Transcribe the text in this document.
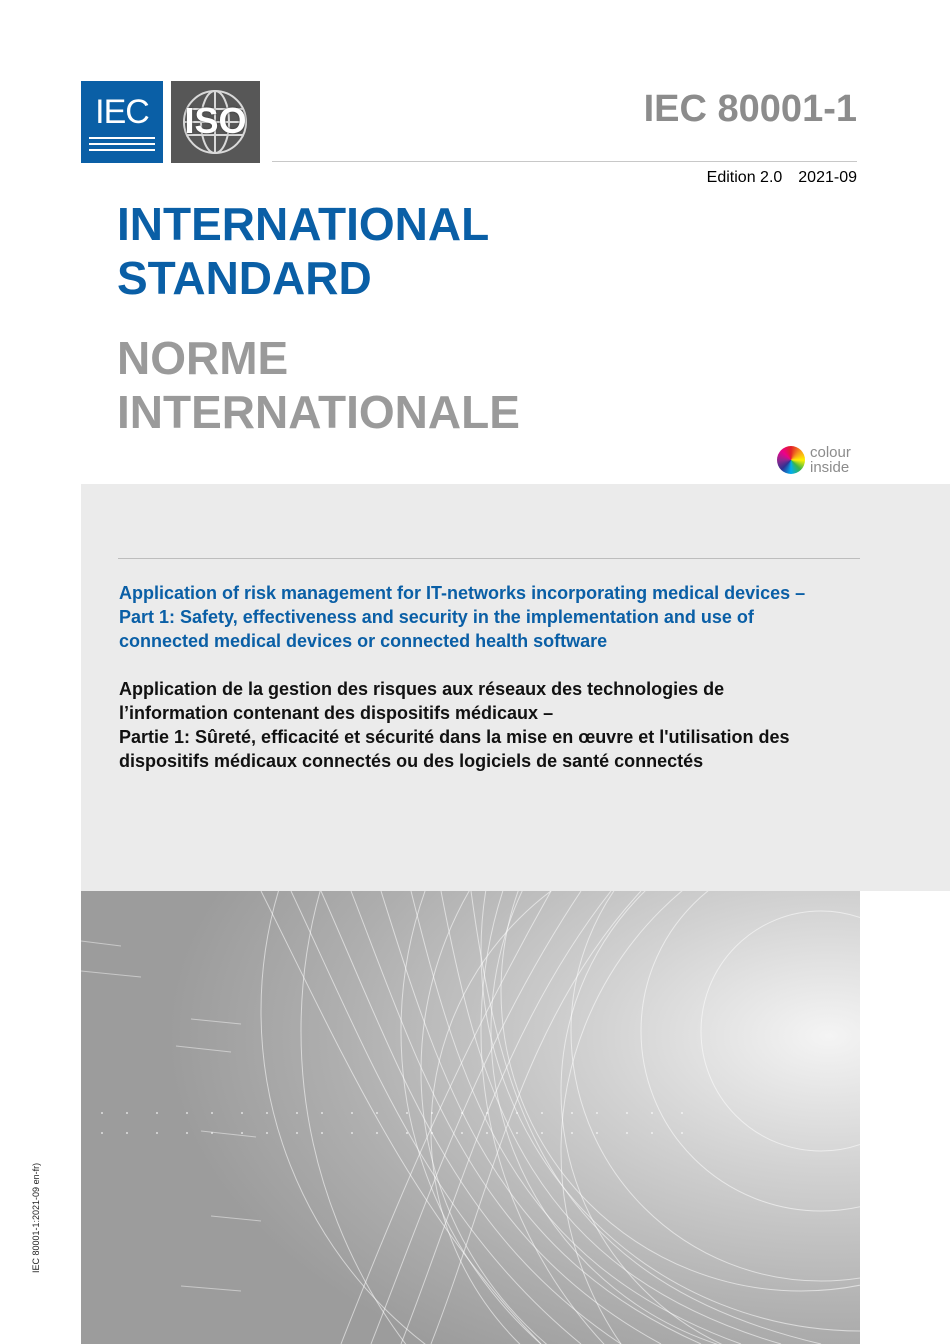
IEC ISO	IEC 80001-1
Edition 2.0 2021-09
INTERNATIONAL
STANDARD
NORME
INTERNATIONALE
colour
inside
Application of risk management for IT-networks incorporating medical devices –
Part 1: Safety, effectiveness and security in the implementation and use of
connected medical devices or connected health software
Application de la gestion des risques aux réseaux des technologies de
l’information contenant des dispositifs médicaux –
Partie 1: Sûreté, efficacité et sécurité dans la mise en œuvre et l'utilisation des
dispositifs médicaux connectés ou des logiciels de santé connectés
IEC 80001-1:2021-09 en-fr)
